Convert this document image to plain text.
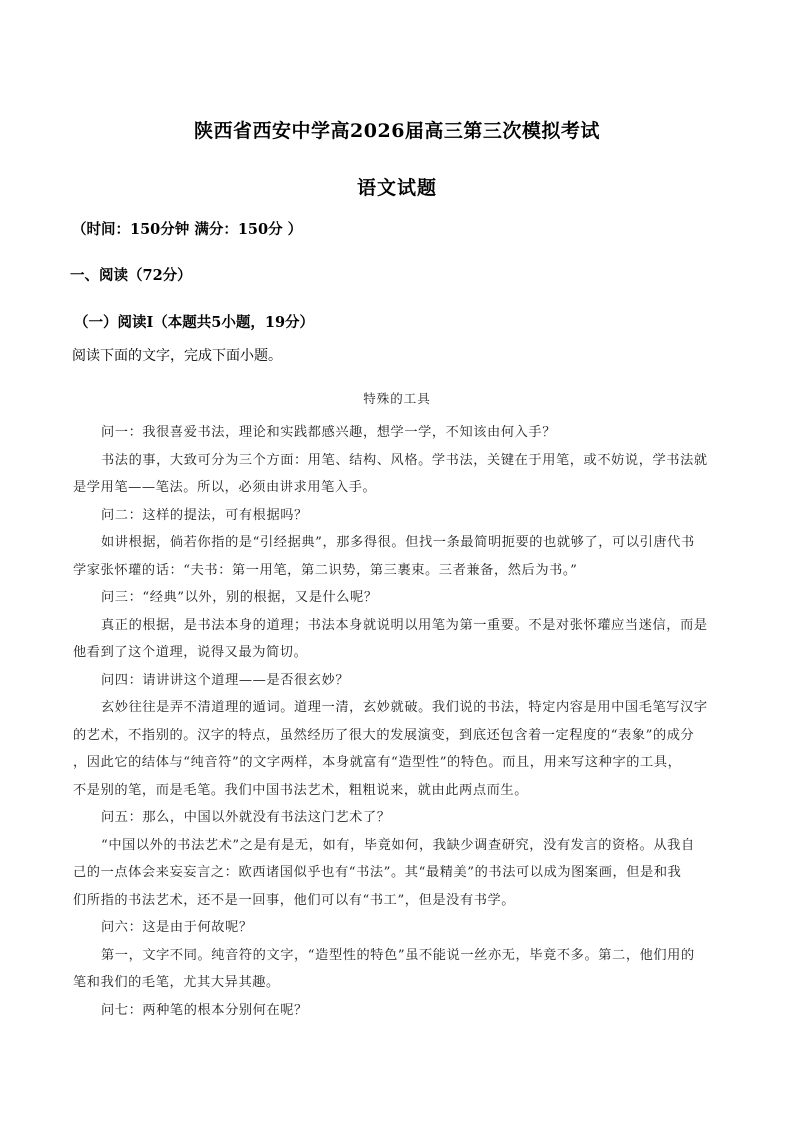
陕西省西安中学高2026届高三第三次模拟考试
语文试题
（时间：150分钟 满分：150分 ）
一、阅读（72分）
（一）阅读Ⅰ（本题共5小题，19分）
阅读下面的文字，完成下面小题。
特殊的工具
问一：我很喜爱书法，理论和实践都感兴趣，想学一学，不知该由何入手？
书法的事，大致可分为三个方面：用笔、结构、风格。学书法，关键在于用笔，或不妨说，学书法就
是学用笔——笔法。所以，必须由讲求用笔入手。
问二：这样的提法，可有根据吗？
如讲根据，倘若你指的是“引经据典”，那多得很。但找一条最简明扼要的也就够了，可以引唐代书
学家张怀瓘的话：“夫书：第一用笔，第二识势，第三裹束。三者兼备，然后为书。”
问三：“经典”以外，别的根据，又是什么呢？
真正的根据，是书法本身的道理；书法本身就说明以用笔为第一重要。不是对张怀瓘应当迷信，而是
他看到了这个道理，说得又最为简切。
问四：请讲讲这个道理——是否很玄妙？
玄妙往往是弄不清道理的遁词。道理一清，玄妙就破。我们说的书法，特定内容是用中国毛笔写汉字
的艺术，不指别的。汉字的特点，虽然经历了很大的发展演变，到底还包含着一定程度的“表象”的成分
，因此它的结体与“纯音符”的文字两样，本身就富有“造型性”的特色。而且，用来写这种字的工具，
不是别的笔，而是毛笔。我们中国书法艺术，粗粗说来，就由此两点而生。
问五：那么，中国以外就没有书法这门艺术了？
“中国以外的书法艺术”之是有是无，如有，毕竟如何，我缺少调查研究，没有发言的资格。从我自
己的一点体会来妄妄言之：欧西诸国似乎也有“书法”。其“最精美”的书法可以成为图案画，但是和我
们所指的书法艺术，还不是一回事，他们可以有“书工”，但是没有书学。
问六：这是由于何故呢？
第一，文字不同。纯音符的文字，“造型性的特色”虽不能说一丝亦无，毕竟不多。第二，他们用的
笔和我们的毛笔，尤其大异其趣。
问七：两种笔的根本分别何在呢？
